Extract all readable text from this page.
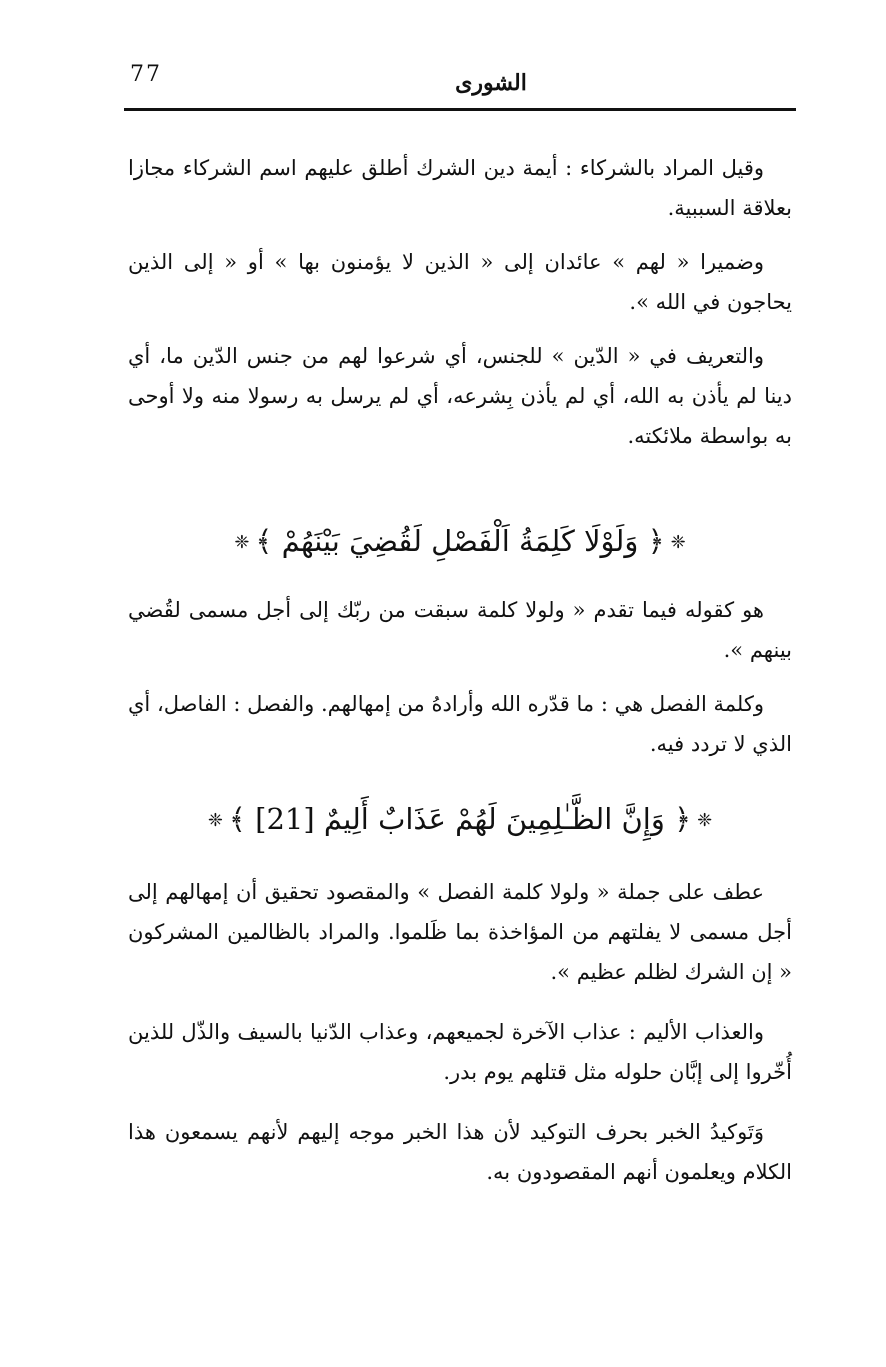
77	الشورى

وقيل المراد بالشركاء : أيمة دين الشرك أطلق عليهم اسم الشركاء مجازا بعلاقة السببية.

وضميرا « لهم » عائدان إلى « الذين لا يؤمنون بها » أو « إلى الذين يحاجون في الله ».

والتعريف في « الدّين » للجنس، أي شرعوا لهم من جنس الدّين ما، أي دينا لم يأذن به الله، أي لم يأذن بِشرعه، أي لم يرسل به رسولا منه ولا أوحى به بواسطة ملائكته.

❈﴿ وَلَوْلَا كَلِمَةُ اَلْفَصْلِ لَقُضِيَ بَيْنَهُمْ ﴾❈

هو كقوله فيما تقدم « ولولا كلمة سبقت من ربّك إلى أجل مسمى لقُضي بينهم ».

وكلمة الفصل هي : ما قدّره الله وأرادهُ من إمهالهم. والفصل : الفاصل، أي الذي لا تردد فيه.

❈﴿ وَإِنَّ الظَّـٰلِمِينَ لَهُمْ عَذَابٌ أَلِيمٌ [21] ﴾❈

عطف على جملة « ولولا كلمة الفصل » والمقصود تحقيق أن إمهالهم إلى أجل مسمى لا يفلتهم من المؤاخذة بما ظَلموا. والمراد بالظالمين المشركون « إن الشرك لظلم عظيم ».

والعذاب الأليم : عذاب الآخرة لجميعهم، وعذاب الدّنيا بالسيف والذّل للذين أُخّروا إلى إبَّان حلوله مثل قتلهم يوم بدر.

وَتَوكيدُ الخبر بحرف التوكيد لأن هذا الخبر موجه إليهم لأنهم يسمعون هذا الكلام ويعلمون أنهم المقصودون به.
